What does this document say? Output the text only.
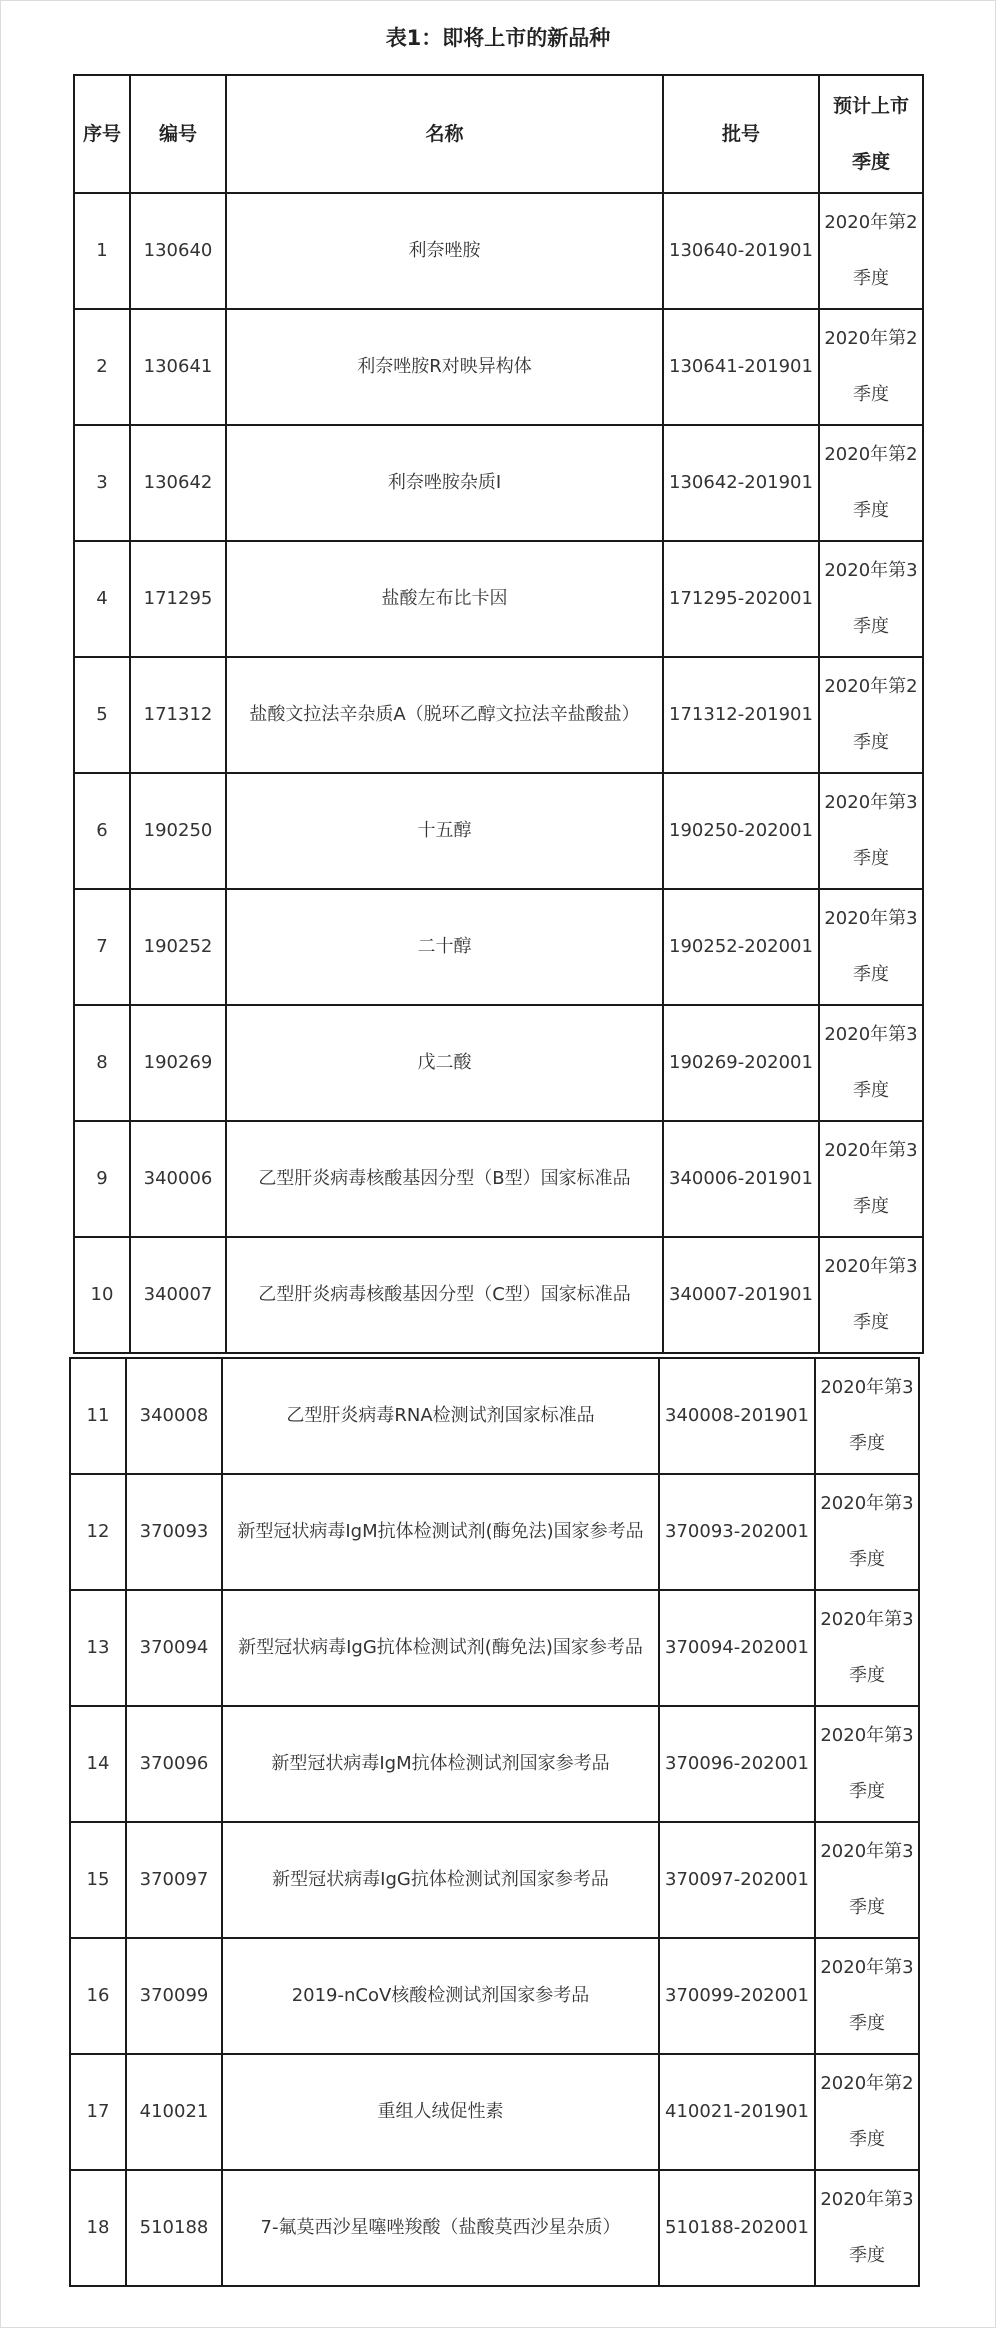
表1：即将上市的新品种
序号	编号	名称	批号	预计上市
季度

1	130640	利奈唑胺	130640-201901	2020年第2
季度

2	130641	利奈唑胺R对映异构体	130641-201901	2020年第2
季度

3	130642	利奈唑胺杂质I	130642-201901	2020年第2
季度

4	171295	盐酸左布比卡因	171295-202001	2020年第3
季度

5	171312	盐酸文拉法辛杂质A（脱环乙醇文拉法辛盐酸盐）	171312-201901	2020年第2
季度

6	190250	十五醇	190250-202001	2020年第3
季度

7	190252	二十醇	190252-202001	2020年第3
季度

8	190269	戊二酸	190269-202001	2020年第3
季度

9	340006	乙型肝炎病毒核酸基因分型（B型）国家标准品	340006-201901	2020年第3
季度

10	340007	乙型肝炎病毒核酸基因分型（C型）国家标准品	340007-201901	2020年第3
季度
11	340008	乙型肝炎病毒RNA检测试剂国家标准品	340008-201901	2020年第3
季度

12	370093	新型冠状病毒IgM抗体检测试剂(酶免法)国家参考品	370093-202001	2020年第3
季度

13	370094	新型冠状病毒IgG抗体检测试剂(酶免法)国家参考品	370094-202001	2020年第3
季度

14	370096	新型冠状病毒IgM抗体检测试剂国家参考品	370096-202001	2020年第3
季度

15	370097	新型冠状病毒IgG抗体检测试剂国家参考品	370097-202001	2020年第3
季度

16	370099	2019-nCoV核酸检测试剂国家参考品	370099-202001	2020年第3
季度

17	410021	重组人绒促性素	410021-201901	2020年第2
季度

18	510188	7-氟莫西沙星噻唑羧酸（盐酸莫西沙星杂质）	510188-202001	2020年第3
季度
